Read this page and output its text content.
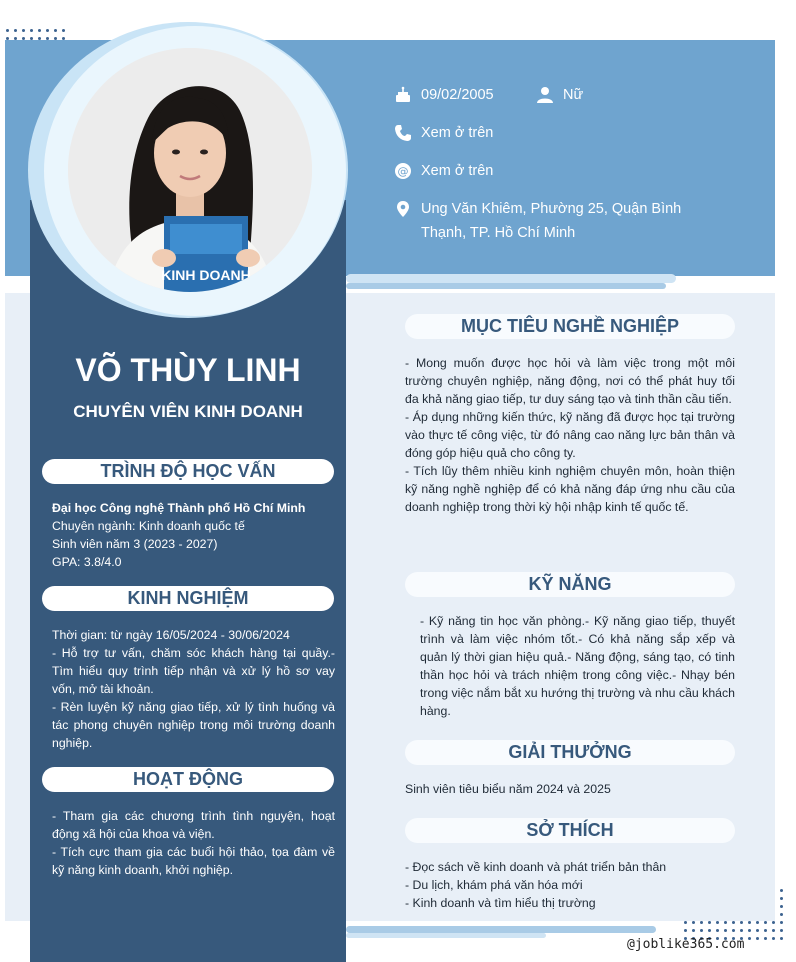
KINH DOANH
VÕ THÙY LINH
CHUYÊN VIÊN KINH DOANH
09/02/2005	Nữ
Xem ở trên
@ Xem ở trên
Ung Văn Khiêm, Phường 25, Quận Bình
Thạnh, TP. Hồ Chí Minh
TRÌNH ĐỘ HỌC VẤN
Đại học Công nghệ Thành phố Hồ Chí Minh
Chuyên ngành: Kinh doanh quốc tế
Sinh viên năm 3 (2023 - 2027)
GPA: 3.8/4.0
KINH NGHIỆM
Thời gian: từ ngày 16/05/2024 - 30/06/2024
- Hỗ trợ tư vấn, chăm sóc khách hàng tại quầy.- Tìm hiểu quy trình tiếp nhận và xử lý hồ sơ vay vốn, mở tài khoản.
- Rèn luyện kỹ năng giao tiếp, xử lý tình huống và tác phong chuyên nghiệp trong môi trường doanh nghiệp.
HOẠT ĐỘNG
- Tham gia các chương trình tình nguyện, hoạt động xã hội của khoa và viện.
- Tích cực tham gia các buổi hội thảo, tọa đàm về kỹ năng kinh doanh, khởi nghiệp.
MỤC TIÊU NGHỀ NGHIỆP
- Mong muốn được học hỏi và làm việc trong một môi trường chuyên nghiệp, năng động, nơi có thể phát huy tối đa khả năng giao tiếp, tư duy sáng tạo và tinh thần cầu tiến.
- Áp dụng những kiến thức, kỹ năng đã được học tại trường vào thực tế công việc, từ đó nâng cao năng lực bản thân và đóng góp hiệu quả cho công ty.
- Tích lũy thêm nhiều kinh nghiệm chuyên môn, hoàn thiện kỹ năng nghề nghiệp để có khả năng đáp ứng nhu cầu của doanh nghiệp trong thời kỳ hội nhập kinh tế quốc tế.
KỸ NĂNG
- Kỹ năng tin học văn phòng.- Kỹ năng giao tiếp, thuyết trình và làm việc nhóm tốt.- Có khả năng sắp xếp và quản lý thời gian hiệu quả.- Năng động, sáng tạo, có tinh thần học hỏi và trách nhiệm trong công việc.- Nhạy bén trong việc nắm bắt xu hướng thị trường và nhu cầu khách hàng.
GIẢI THƯỞNG
Sinh viên tiêu biểu năm 2024 và 2025
SỞ THÍCH
- Đọc sách về kinh doanh và phát triển bản thân
- Du lịch, khám phá văn hóa mới
- Kinh doanh và tìm hiểu thị trường
@joblike365.com
